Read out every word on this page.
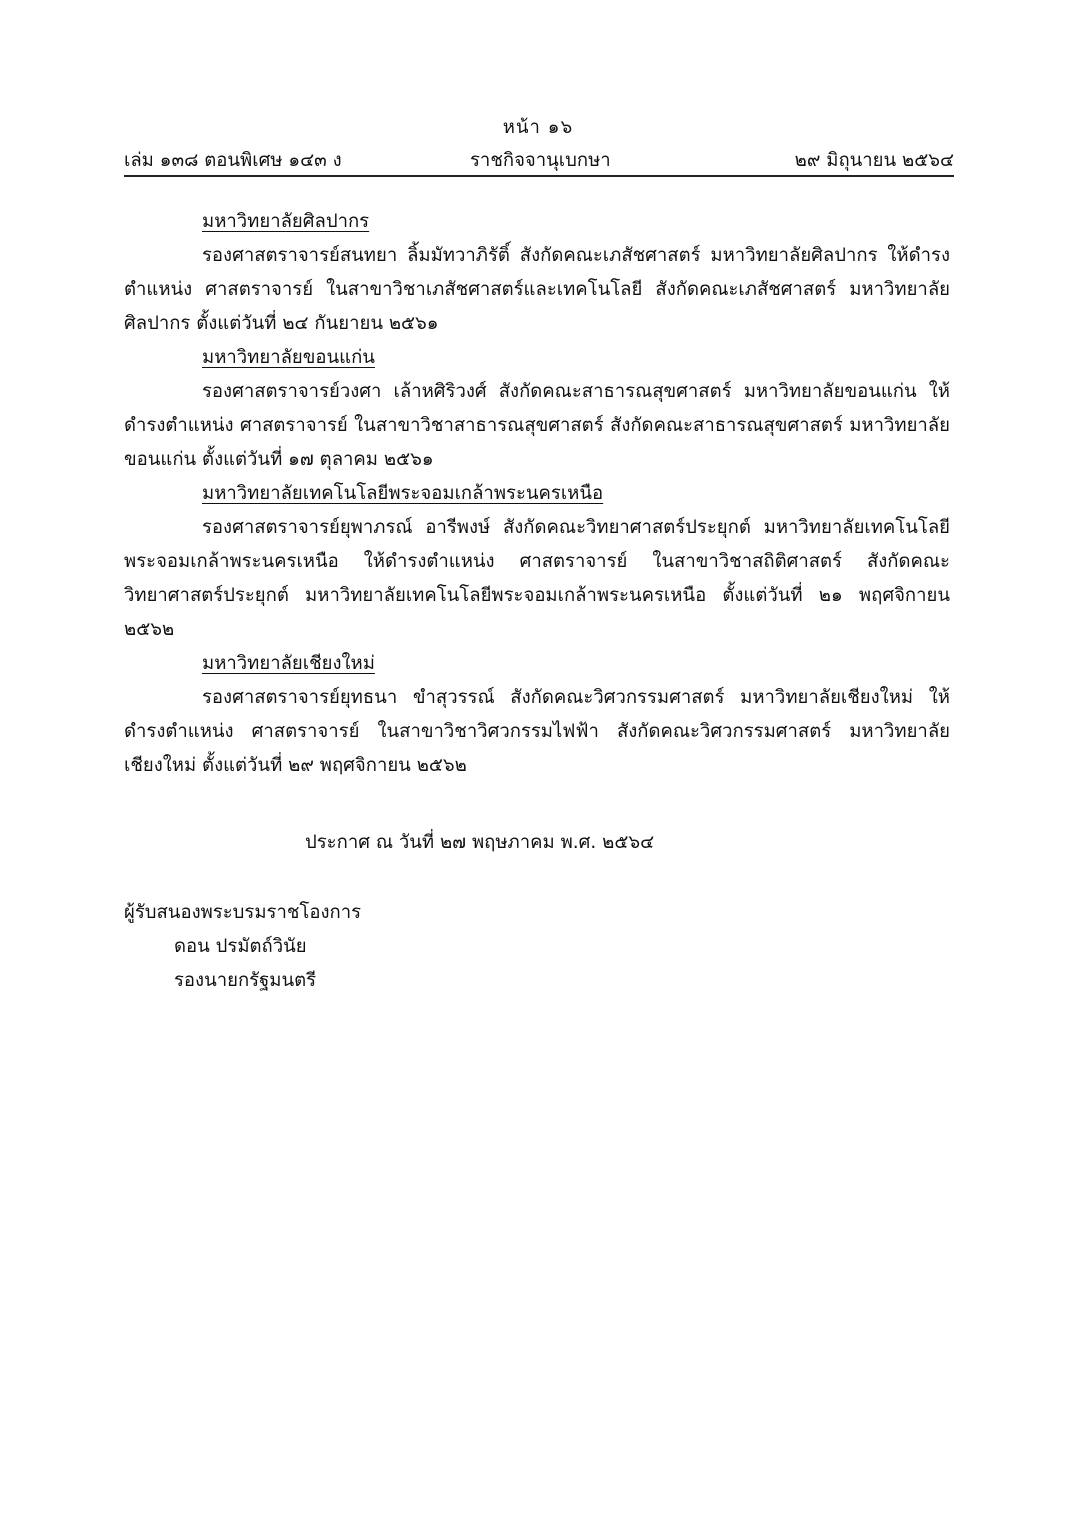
หน้า ๑๖
เล่ม ๑๓๘ ตอนพิเศษ ๑๔๓ ง	ราชกิจจานุเบกษา	๒๙ มิถุนายน ๒๕๖๔

มหาวิทยาลัยศิลปากร

รองศาสตราจารย์สนทยา ลิ้มมัทวาภิรัติ์ สังกัดคณะเภสัชศาสตร์ มหาวิทยาลัยศิลปากร ให้ดำรงตำแหน่ง ศาสตราจารย์ ในสาขาวิชาเภสัชศาสตร์และเทคโนโลยี สังกัดคณะเภสัชศาสตร์ มหาวิทยาลัยศิลปากร ตั้งแต่วันที่ ๒๔ กันยายน ๒๕๖๑

มหาวิทยาลัยขอนแก่น

รองศาสตราจารย์วงศา เล้าหศิริวงศ์ สังกัดคณะสาธารณสุขศาสตร์ มหาวิทยาลัยขอนแก่น ให้ดำรงตำแหน่ง ศาสตราจารย์ ในสาขาวิชาสาธารณสุขศาสตร์ สังกัดคณะสาธารณสุขศาสตร์ มหาวิทยาลัยขอนแก่น ตั้งแต่วันที่ ๑๗ ตุลาคม ๒๕๖๑

มหาวิทยาลัยเทคโนโลยีพระจอมเกล้าพระนครเหนือ

รองศาสตราจารย์ยุพาภรณ์ อารีพงษ์ สังกัดคณะวิทยาศาสตร์ประยุกต์ มหาวิทยาลัยเทคโนโลยีพระจอมเกล้าพระนครเหนือ ให้ดำรงตำแหน่ง ศาสตราจารย์ ในสาขาวิชาสถิติศาสตร์ สังกัดคณะวิทยาศาสตร์ประยุกต์ มหาวิทยาลัยเทคโนโลยีพระจอมเกล้าพระนครเหนือ ตั้งแต่วันที่ ๒๑ พฤศจิกายน ๒๕๖๒

มหาวิทยาลัยเชียงใหม่

รองศาสตราจารย์ยุทธนา ขำสุวรรณ์ สังกัดคณะวิศวกรรมศาสตร์ มหาวิทยาลัยเชียงใหม่ ให้ดำรงตำแหน่ง ศาสตราจารย์ ในสาขาวิชาวิศวกรรมไฟฟ้า สังกัดคณะวิศวกรรมศาสตร์ มหาวิทยาลัยเชียงใหม่ ตั้งแต่วันที่ ๒๙ พฤศจิกายน ๒๕๖๒

ประกาศ ณ วันที่ ๒๗ พฤษภาคม พ.ศ. ๒๕๖๔
ผู้รับสนองพระบรมราชโองการ
ดอน ปรมัตถ์วินัย
รองนายกรัฐมนตรี
